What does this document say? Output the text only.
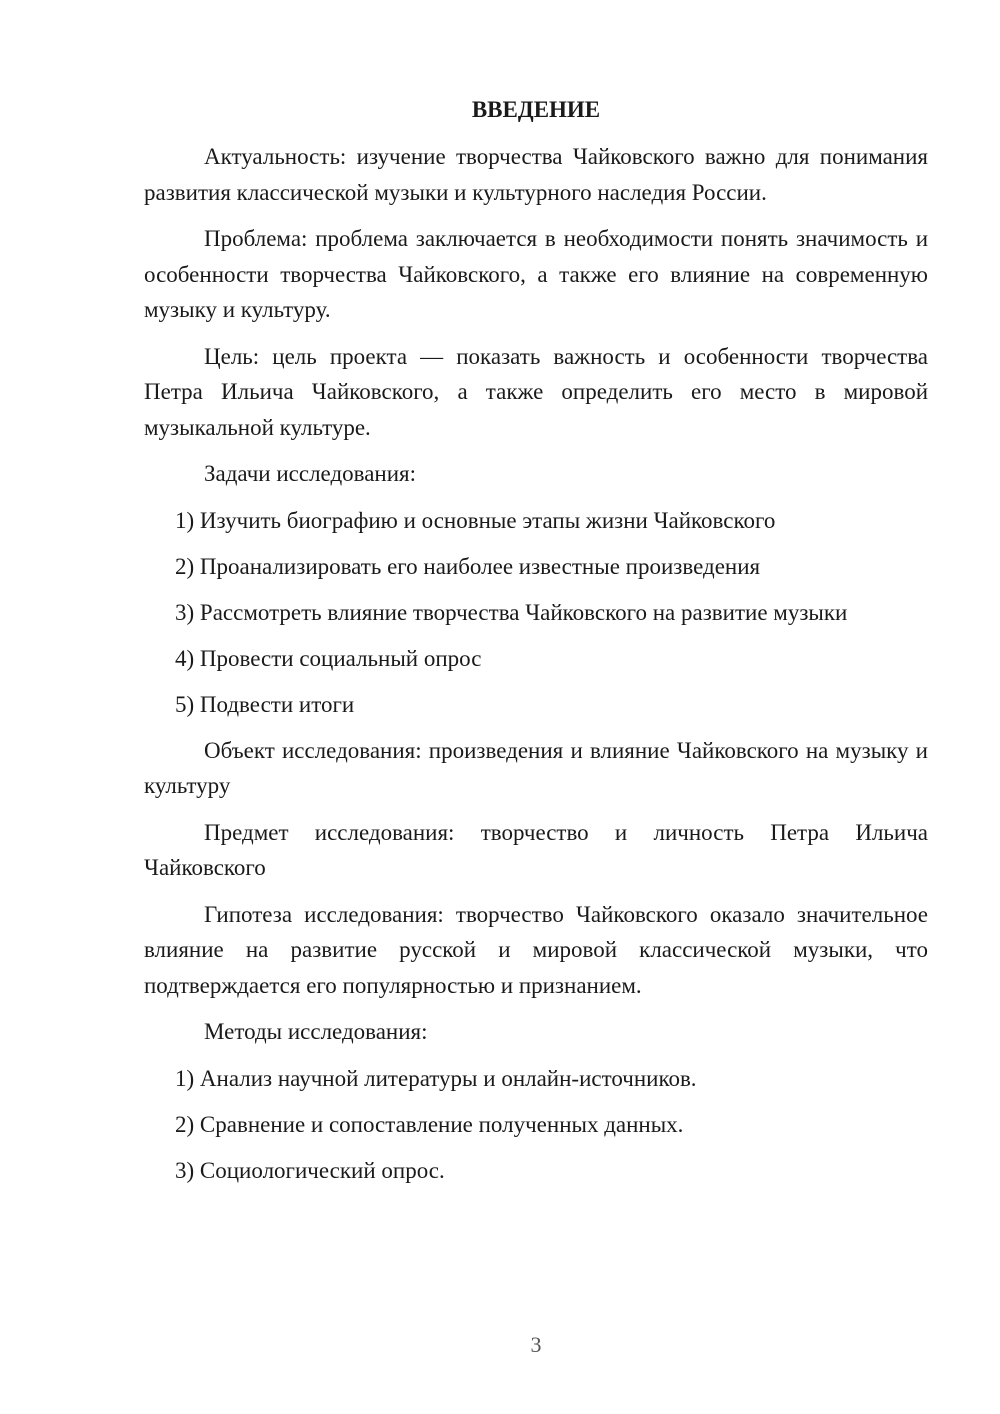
ВВЕДЕНИЕ

Актуальность: изучение творчества Чайковского важно для понимания развития классической музыки и культурного наследия России.

Проблема: проблема заключается в необходимости понять значимость и особенности творчества Чайковского, а также его влияние на современную музыку и культуру.

Цель: цель проекта — показать важность и особенности творчества Петра Ильича Чайковского, а также определить его место в мировой музыкальной культуре.

Задачи исследования:

1) Изучить биографию и основные этапы жизни Чайковского

2) Проанализировать его наиболее известные произведения

3) Рассмотреть влияние творчества Чайковского на развитие музыки

4) Провести социальный опрос

5) Подвести итоги

Объект исследования: произведения и влияние Чайковского на музыку и культуру

Предмет исследования: творчество и личность Петра Ильича Чайковского

Гипотеза исследования: творчество Чайковского оказало значительное влияние на развитие русской и мировой классической музыки, что подтверждается его популярностью и признанием.

Методы исследования:

1) Анализ научной литературы и онлайн-источников.

2) Сравнение и сопоставление полученных данных.

3) Социологический опрос.

3
